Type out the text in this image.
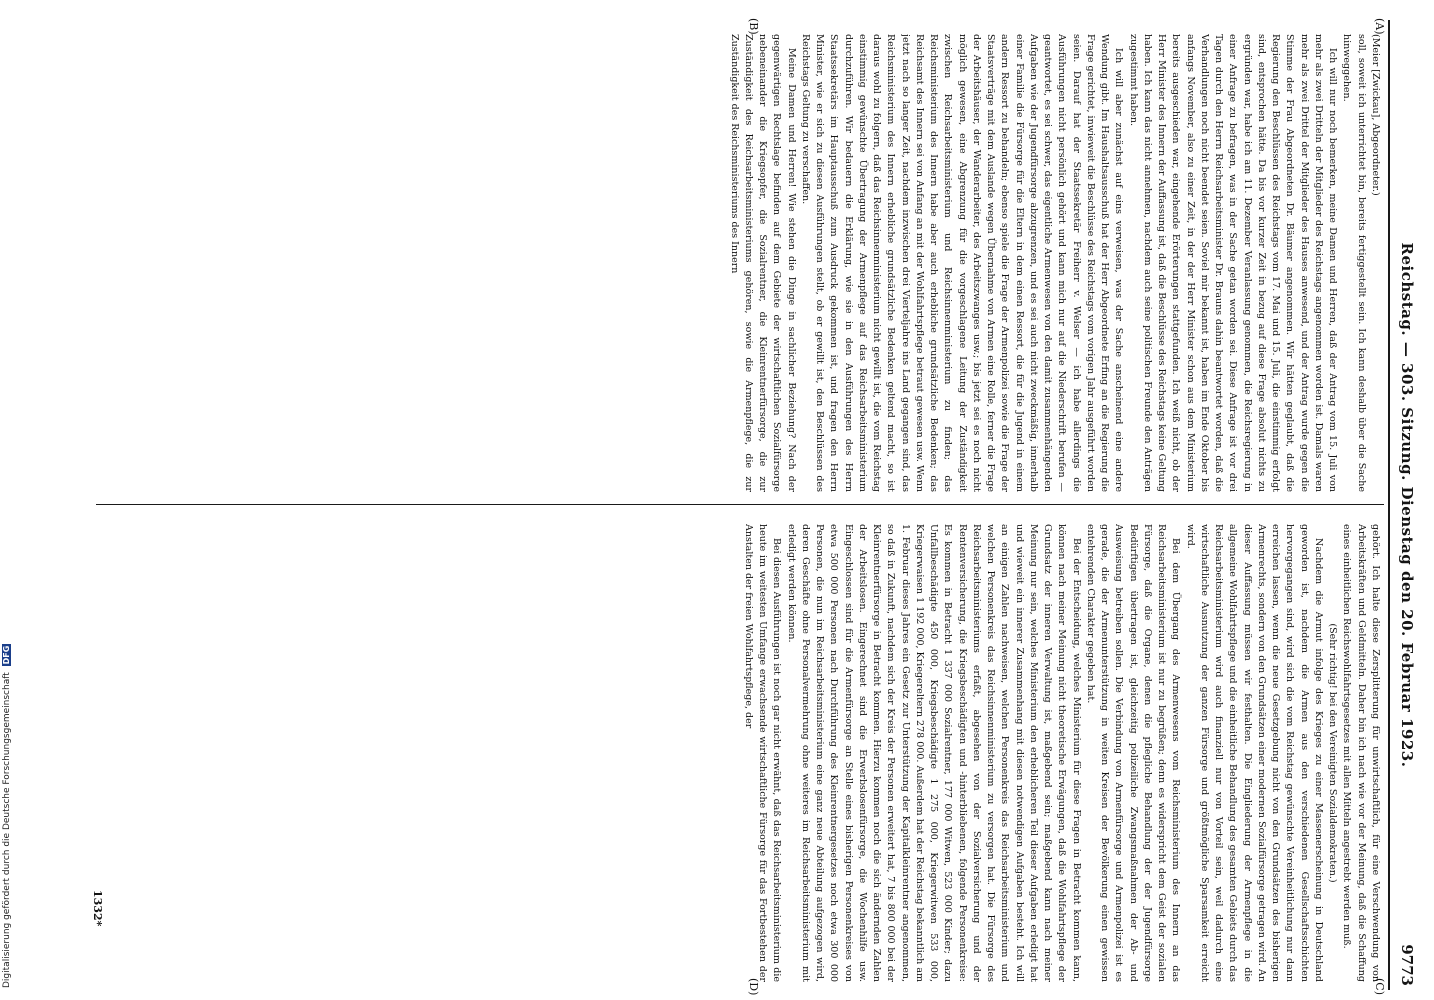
Reichstag. — 303. Sitzung. Dienstag den 20. Februar 1923.
9773
(A)
(B)
(C)
(D)

(Meier [Zwickau], Abgeordneter.)

soll, soweit ich unterrichtet bin, bereits fertiggestellt sein. Ich kann deshalb über die Sache hinweggehen.

Ich will nur noch bemerken, meine Damen und Herren, daß der Antrag vom 15. Juli von mehr als zwei Dritteln der Mitglieder des Reichstags angenommen worden ist. Damals waren mehr als zwei Drittel der Mitglieder des Hauses anwesend, und der Antrag wurde gegen die Stimme der Frau Abgeordneten Dr. Bäumer angenommen. Wir hätten geglaubt, daß die Regierung den Beschlüssen des Reichstags vom 17. Mai und 15. Juli, die einstimmig erfolgt sind, entsprochen hätte. Da bis vor kurzer Zeit in bezug auf diese Frage absolut nichts zu ergründen war, habe ich am 11. Dezember Veranlassung genommen, die Reichsregierung in einer Anfrage zu befragen, was in der Sache getan worden sei. Diese Anfrage ist vor drei Tagen durch den Herrn Reichsarbeitsminister Dr. Brauns dahin beantwortet worden, daß die Verhandlungen noch nicht beendet seien. Soviel mir bekannt ist, haben im Ende Oktober bis anfangs November, also zu einer Zeit, in der der Herr Minister schon aus dem Ministerium bereits ausgeschieden war, eingehende Erörterungen stattgefunden. Ich weiß nicht, ob der Herr Minister des Innern der Auffassung ist, daß die Beschlüsse des Reichstags keine Geltung haben. Ich kann das nicht annehmen, nachdem auch seine politischen Freunde den Anträgen zugestimmt haben.

Ich will aber zunächst auf eins verweisen, was der Sache anscheinend eine andere Wendung gibt. Im Haushaltsausschuß hat der Herr Abgeordnete Erfing an die Regierung die Frage gerichtet, inwieweit die Beschlüsse des Reichstags vom vorigen Jahr ausgeführt worden seien. Darauf hat der Staatssekretär Freiherr v. Welser — ich habe allerdings die Ausführungen nicht persönlich gehört und kann mich nur auf die Niederschrift berufen — geantwortet, es sei schwer, das eigentliche Armenwesen von den damit zusammenhängenden Aufgaben wie der Jugendfürsorge abzugrenzen, und es sei auch nicht zweckmäßig, innerhalb einer Familie die Fürsorge für die Eltern in dem einen Ressort, die für die Jugend in einem andern Ressort zu behandeln; ebenso spiele die Frage der Armenpolizei sowie die Frage der Staatsverträge mit dem Auslande wegen Übernahme von Armen eine Rolle, ferner die Frage der Arbeitshäuser, der Wanderarbeiter, des Arbeitszwanges usw.; bis jetzt sei es noch nicht möglich gewesen, eine Abgrenzung für die vorgeschlagene Leitung der Zuständigkeit zwischen Reichsarbeitsministerium und Reichsinnenministerium zu finden; das Reichsministerium des Innern habe aber auch erhebliche grundsätzliche Bedenken; das Reichsamt des Innern sei von Anfang an mit der Wohlfahrtspflege betraut gewesen usw. Wenn jetzt nach so langer Zeit, nachdem inzwischen drei Vierteljahre ins Land gegangen sind, das Reichsministerium des Innern erhebliche grundsätzliche Bedenken geltend macht, so ist daraus wohl zu folgern, daß das Reichsinnenministerium nicht gewillt ist, die vom Reichstag einstimmig gewünschte Übertragung der Armenpflege auf das Reichsarbeitsministerium durchzuführen. Wir bedauern die Erklärung, wie sie in den Ausführungen des Herrn Staatssekretärs im Hauptausschuß zum Ausdruck gekommen ist, und fragen den Herrn Minister, wie er sich zu diesen Ausführungen stellt, ob er gewillt ist, den Beschlüssen des Reichstags Geltung zu verschaffen.

Meine Damen und Herren! Wie stehen die Dinge in sachlicher Beziehung? Nach der gegenwärtigen Rechtslage befinden auf dem Gebiete der wirtschaftlichen Sozialfürsorge nebeneinander die Kriegsopfer, die Sozialrentner, die Kleinrentnerfürsorge, die zur Zuständigkeit des Reichsarbeitsministeriums gehören, sowie die Armenpflege, die zur Zuständigkeit des Reichsministeriums des Innern

gehört. Ich halte diese Zersplitterung für unwirtschaftlich, für eine Verschwendung von Arbeitskräften und Geldmitteln. Daher bin ich nach wie vor der Meinung, daß die Schaffung eines einheitlichen Reichswohlfahrtsgesetzes mit allen Mitteln angestrebt werden muß.

(Sehr richtig! bei den Vereinigten Sozialdemokraten.)

Nachdem die Armut infolge des Krieges zu einer Massenerscheinung in Deutschland geworden ist, nachdem die Armen aus den verschiedenen Gesellschaftsschichten hervorgegangen sind, wird sich die vom Reichstag gewünschte Vereinheitlichung nur dann erreichen lassen, wenn die neue Gesetzgebung nicht von den Grundsätzen des bisherigen Armenrechts, sondern von den Grundsätzen einer modernen Sozialfürsorge getragen wird. An dieser Auffassung müssen wir festhalten. Die Eingliederung der Armenpflege in die allgemeine Wohlfahrtspflege und die einheitliche Behandlung des gesamten Gebiets durch das Reichsarbeitsministerium wird auch finanziell nur von Vorteil sein, weil dadurch eine wirtschaftliche Ausnutzung der ganzen Fürsorge und größtmögliche Sparsamkeit erreicht wird.

Bei dem Übergang des Armenwesens vom Reichsministerium des Innern an das Reichsarbeitsministerium ist nur zu begrüßen; denn es widerspricht dem Geist der sozialen Fürsorge, daß die Organe, denen die pflegliche Behandlung der der Jugendfürsorge Bedürftigen übertragen ist, gleichzeitig polizeiliche Zwangsmaßnahmen der Ab- und Ausweisung betreiben sollen. Die Verbindung von Armenfürsorge und Armenpolizei ist es gerade, die der Armenunterstützung in weiten Kreisen der Bevölkerung einen gewissen entehrenden Charakter gegeben hat.

Bei der Entscheidung, welches Ministerium für diese Fragen in Betracht kommen kann, können nach meiner Meinung nicht theoretische Erwägungen, daß die Wohlfahrtspflege der Grundsatz der inneren Verwaltung ist, maßgebend sein; maßgebend kann nach meiner Meinung nur sein, welches Ministerium den erheblicheren Teil dieser Aufgaben erledigt hat und wieweit ein innerer Zusammenhang mit diesen notwendigen Aufgaben besteht. Ich will an einigen Zahlen nachweisen, welchen Personenkreis das Reichsarbeitsministerium und welchen Personenkreis das Reichsinnenministerium zu versorgen hat. Die Fürsorge des Reichsarbeitsministeriums erfaßt, abgesehen von der Sozialversicherung und der Rentenversicherung, die Kriegsbeschädigten und -hinterbliebenen, folgende Personenkreise: Es kommen in Betracht 1 337 000 Sozialrentner, 177 000 Witwen, 523 000 Kinder; dazu Unfallbeschädigte 450 000, Kriegsbeschädigte 1 275 000, Kriegerwitwen 533 000, Kriegerwaisen 1 192 000, Kriegereltern 278 000. Außerdem hat der Reichstag bekanntlich am 1. Februar dieses Jahres ein Gesetz zur Unterstützung der Kapitalkleinrentner angenommen, so daß in Zukunft, nachdem sich der Kreis der Personen erweitert hat, 7 bis 800 000 bei der Kleinrentnerfürsorge in Betracht kommen. Hierzu kommen noch die sich ändernden Zahlen der Arbeitslosen. Eingerechnet sind die Erwerbslosenfürsorge, die Wochenhilfe usw. Eingeschlossen sind für die Armenfürsorge an Stelle eines bisherigen Personenkreises von etwa 500 000 Personen nach Durchführung des Kleinrentnergesetzes noch etwa 300 000 Personen, die nun im Reichsarbeitsministerium eine ganz neue Abteilung aufgezogen wird, deren Geschäfte ohne Personalvermehrung ohne weiteres im Reichsarbeitsministerium mit erledigt werden können.

Bei diesen Ausführungen ist noch gar nicht erwähnt, daß das Reichsarbeitsministerium die heute im weitesten Umfange erwachsende wirtschaftliche Fürsorge für das Fortbestehen der Anstalten der freien Wohlfahrtspflege, der

1332*
Digitalisierung gefördert durch die Deutsche Forschungsgemeinschaft DFG
